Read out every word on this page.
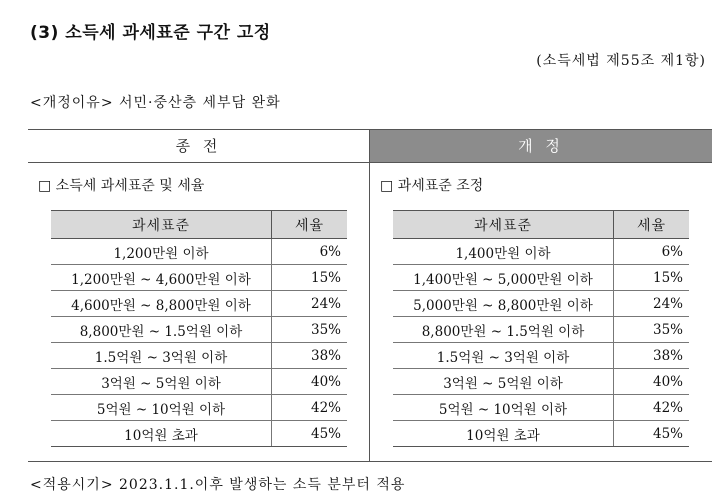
(3) 소득세 과세표준 구간 고정
(소득세법 제55조 제1항)
<개정이유> 서민·중산층 세부담 완화
종 전	개 정
□ 소득세 과세표준 및 세율	□ 과세표준 조정
과세표준	세율
1,200만원 이하	6%
1,200만원 ~ 4,600만원 이하	15%
4,600만원 ~ 8,800만원 이하	24%
8,800만원 ~ 1.5억원 이하	35%
1.5억원 ~ 3억원 이하	38%
3억원 ~ 5억원 이하	40%
5억원 ~ 10억원 이하	42%
10억원 초과	45%
과세표준	세율
1,400만원 이하	6%
1,400만원 ~ 5,000만원 이하	15%
5,000만원 ~ 8,800만원 이하	24%
8,800만원 ~ 1.5억원 이하	35%
1.5억원 ~ 3억원 이하	38%
3억원 ~ 5억원 이하	40%
5억원 ~ 10억원 이하	42%
10억원 초과	45%
<적용시기> 2023.1.1.이후 발생하는 소득 분부터 적용
